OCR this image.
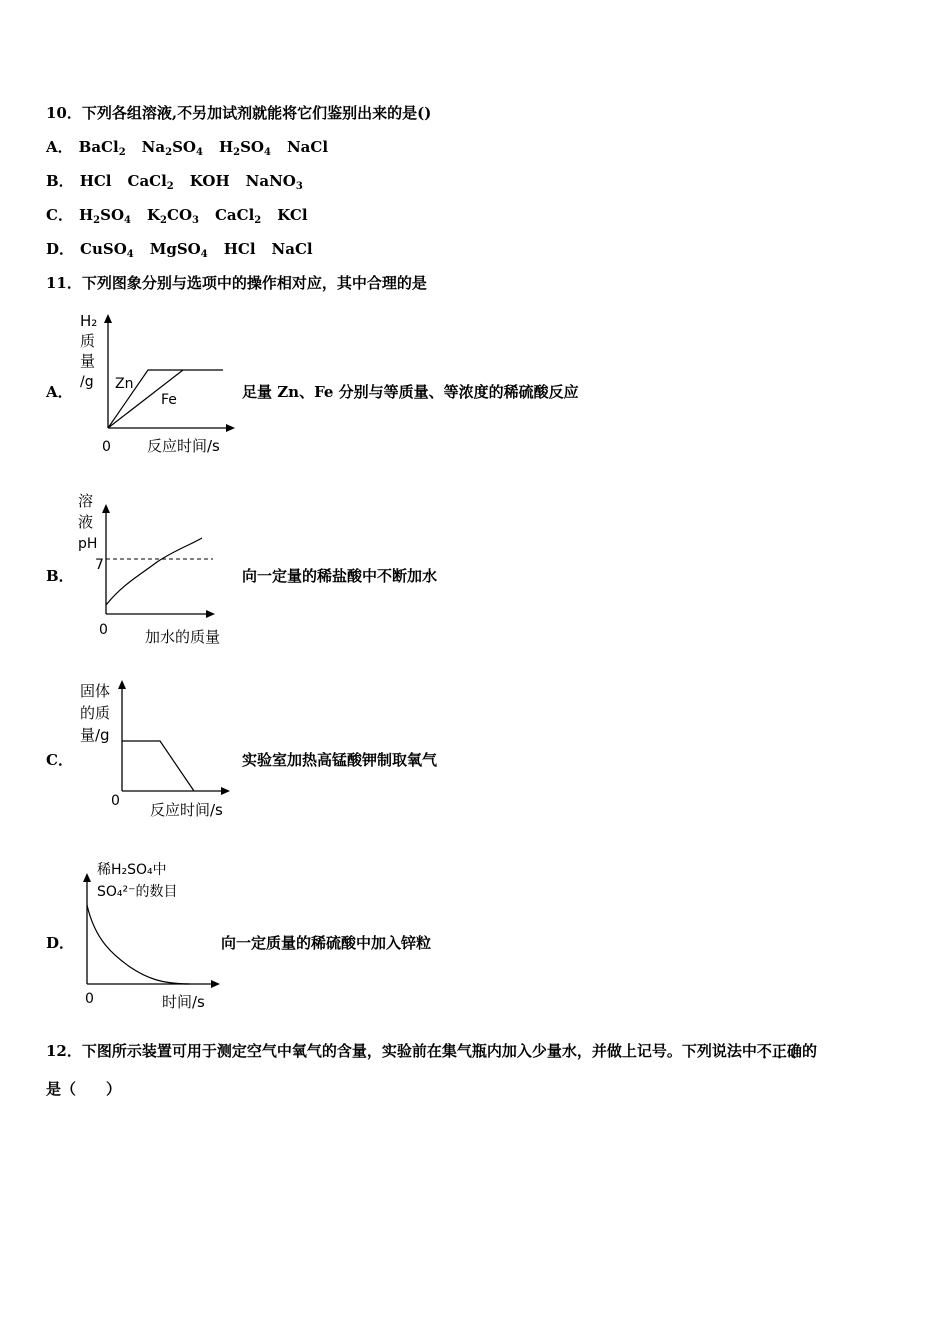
10．下列各组溶液,不另加试剂就能将它们鉴别出来的是()
A． BaCl$_2$ $Na_2SO_4$ $H_2SO_4$ NaCl
B． HCl CaCl$_2$ KOH NaNO$_3$
C． $H_2SO_4$ $K_2CO_3$ CaCl$_2$ KCl
D． CuSO$_4$ MgSO$_4$ HCl NaCl
11．下列图象分别与选项中的操作相对应，其中合理的是
A．
H₂
质
量
/g Zn
Fe
0 反应时间/s
足量 Zn、Fe 分别与等质量、等浓度的稀硫酸反应
B．
溶
液
pH
7
0 加水的质量
向一定量的稀盐酸中不断加水
C．
固体
的质
量/g
0 反应时间/s
实验室加热高锰酸钾制取氧气
D．
稀H₂SO₄中
SO₄²⁻的数目
0	时间/s
向一定质量的稀硫酸中加入锌粒
12．下图所示装置可用于测定空气中氧气的含量，实验前在集气瓶内加入少量水，并做上记号。下列说法中不正确的
是（　　）
